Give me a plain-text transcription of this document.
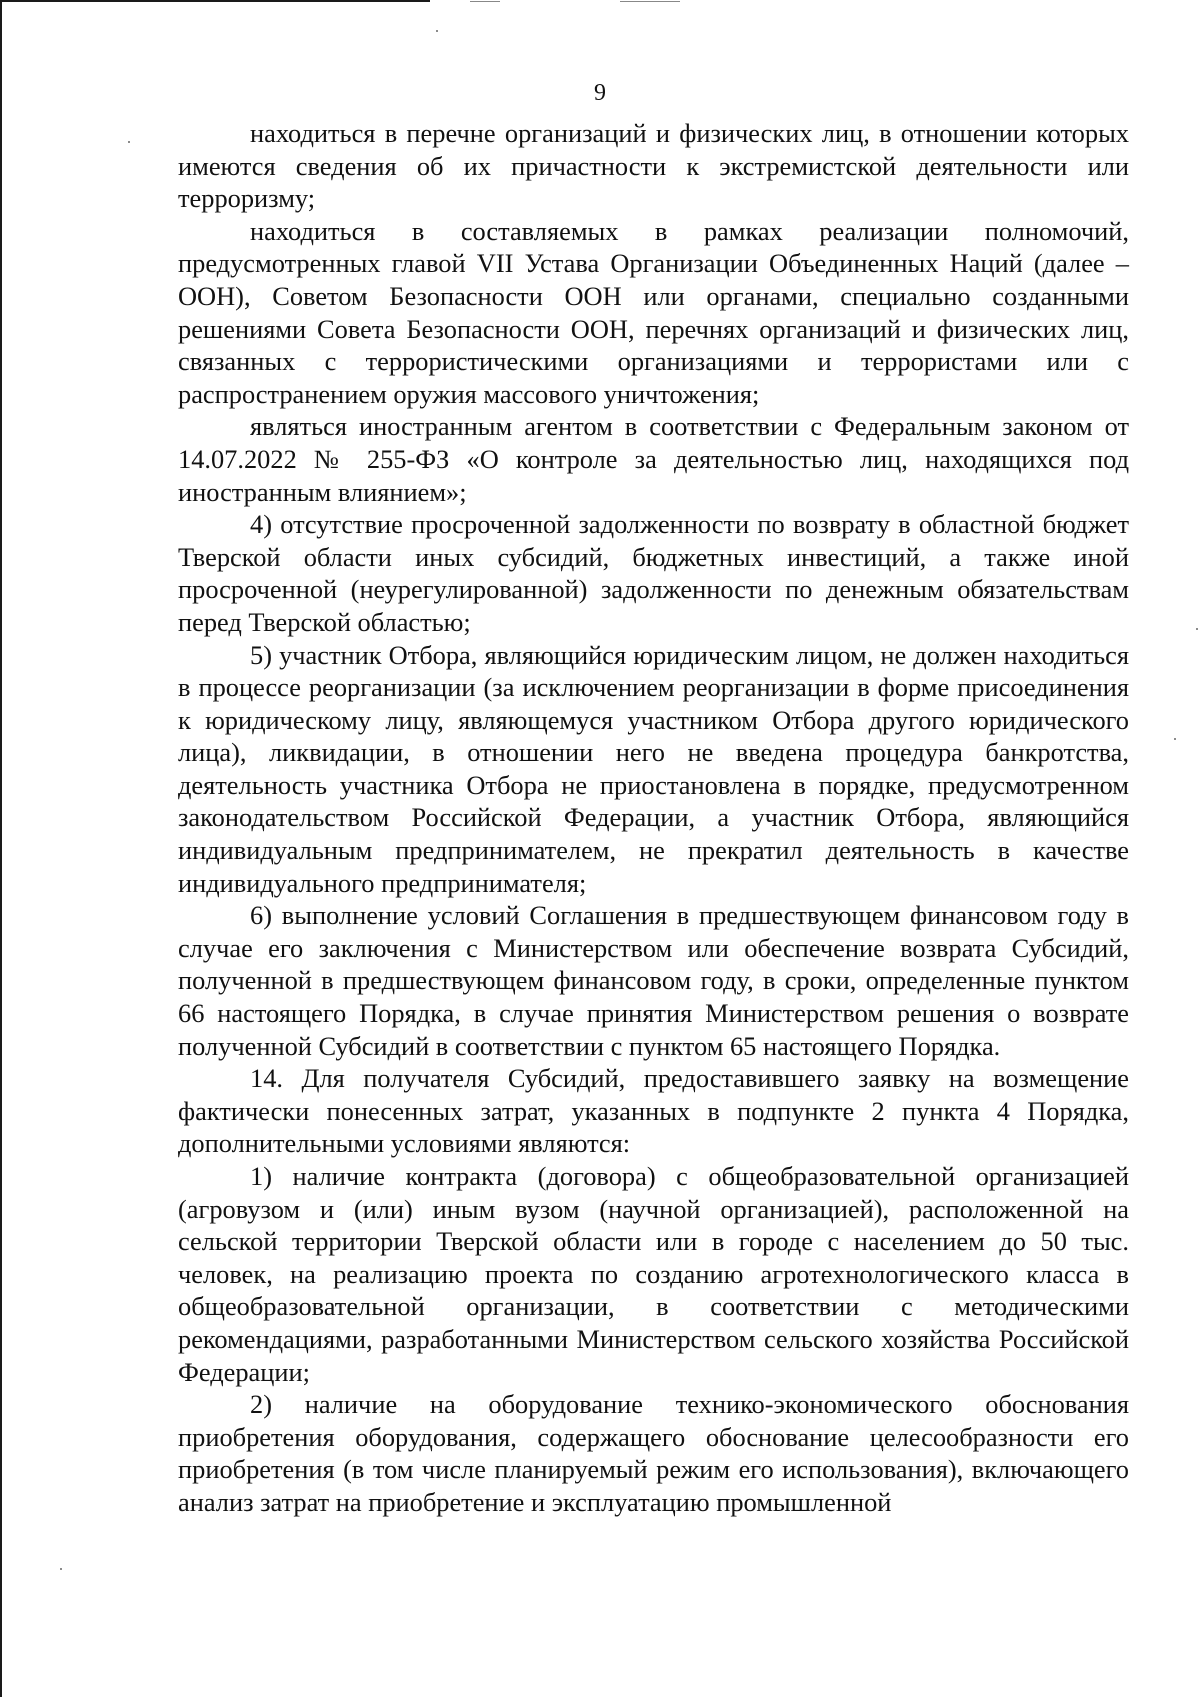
9

находиться в перечне организаций и физических лиц, в отношении которых имеются сведения об их причастности к экстремистской деятельности или терроризму;

находиться в составляемых в рамках реализации полномочий, предусмотренных главой VII Устава Организации Объединенных Наций (далее – ООН), Советом Безопасности ООН или органами, специально созданными решениями Совета Безопасности ООН, перечнях организаций и физических лиц, связанных с террористическими организациями и террористами или с распространением оружия массового уничтожения;

являться иностранным агентом в соответствии с Федеральным законом от 14.07.2022 № 255-ФЗ «О контроле за деятельностью лиц, находящихся под иностранным влиянием»;

4) отсутствие просроченной задолженности по возврату в областной бюджет Тверской области иных субсидий, бюджетных инвестиций, а также иной просроченной (неурегулированной) задолженности по денежным обязательствам перед Тверской областью;

5) участник Отбора, являющийся юридическим лицом, не должен находиться в процессе реорганизации (за исключением реорганизации в форме присоединения к юридическому лицу, являющемуся участником Отбора другого юридического лица), ликвидации, в отношении него не введена процедура банкротства, деятельность участника Отбора не приостановлена в порядке, предусмотренном законодательством Российской Федерации, а участник Отбора, являющийся индивидуальным предпринимателем, не прекратил деятельность в качестве индивидуального предпринимателя;

6) выполнение условий Соглашения в предшествующем финансовом году в случае его заключения с Министерством или обеспечение возврата Субсидий, полученной в предшествующем финансовом году, в сроки, определенные пунктом 66 настоящего Порядка, в случае принятия Министерством решения о возврате полученной Субсидий в соответствии с пунктом 65 настоящего Порядка.

14. Для получателя Субсидий, предоставившего заявку на возмещение фактически понесенных затрат, указанных в подпункте 2 пункта 4 Порядка, дополнительными условиями являются:

1) наличие контракта (договора) с общеобразовательной организацией (агровузом и (или) иным вузом (научной организацией), расположенной на сельской территории Тверской области или в городе с населением до 50 тыс. человек, на реализацию проекта по созданию агротехнологического класса в общеобразовательной организации, в соответствии с методическими рекомендациями, разработанными Министерством сельского хозяйства Российской Федерации;

2) наличие на оборудование технико-экономического обоснования приобретения оборудования, содержащего обоснование целесообразности его приобретения (в том числе планируемый режим его использования), включающего анализ затрат на приобретение и эксплуатацию промышленной
